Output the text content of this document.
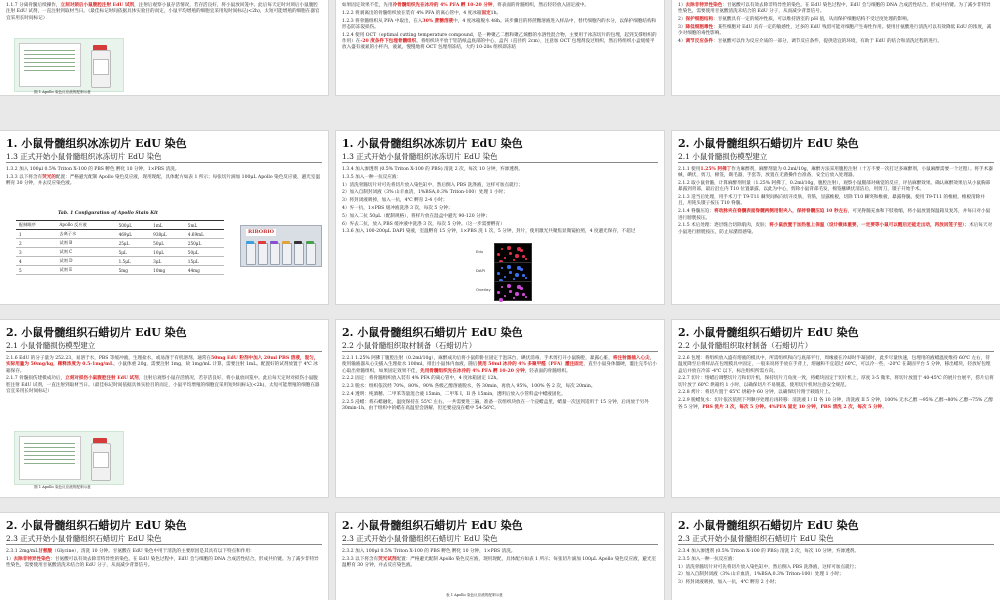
1.1.7 分离骨髓后续操作，立刻对颈后小鼠腹腔注射 EdU 试剂，注射后观察小鼠存活情况，若存活良好，将小鼠放回笼中。此后每天定时对颈后小鼠腹腔注射 EdU 试剂，一直注射到取材当日。（最佳标记时间依据具体实验目的而定，小鼠平均增殖的细胞宜采用短时间标记(<2h)，太短可能增殖的细胞在器官宜采用长时间标记）

图 1 Apollo 染色反应液的配制示意

如果固定效果不佳，先用冷骨髓组织先在冰冷的 4% PFA 孵 10-20 分钟，将表面的骨髓组织，然后轻轻放入固定液中。

1.2.2 将剥离出的骨髓组织放在装有 4% PFA 的离心管中，4 度冰箱固定1h。

1.2.3 将骨髓组织从 PFA 中取出，在入30% 蔗糖溶液中，4 度冰箱脱水 48h。该步骤目的将蔗糖溶液进入样品中，替代细胞内的水分，以保护细胞结构和形态防冻裂损伤。

1.2.4 使用 OCT（optimal cutting temperature compound，是一种聚乙二醇和聚乙烯醇的水溶性混合物，主要用于冰冻切片的包埋，起到支撑组织的作用）在-20 度条件下包埋骨髓组织。将组织块平放于铝箔纸盒底部的中心，盒内（直径约 2cm），注意加 OCT 包埋剂没过组织，然后将组织小盒缓缓平放入盛有液氮的小杯内，液氮，慢慢地将 OCT 包埋剂冻结，大约 10-20s 组织即冻结

1）去除非特异性染色：甘氨酸可以有效去除非特异性的染色。在 EdU 染色过程中，EdU 会与细胞的 DNA 合成活性结合，形成共价键。为了减少非特异性染色，需要使用甘氨酸清洗未结合的 EdU 分子，从而减少背景信号。

2）保护细胞结构：甘氨酸具有一定的缓冲性质，可以维持溶室的 pH 值，从而保护细胞结构不受过度处理的影响。

3）降低细胞毒性：某些细胞对 EdU 具有一定的敏感性，过多的 EdU 残留可能对细胞产生毒性作用。使用甘氨酸进行清洗可以有效降低 EdU 的浓度，减少对细胞的毒性影响。

4）调节反应条件：甘氨酸可以作为反应介质的一部分，调节反应条件，提供适宜的环境，有助于 EdU 的结合和清洗过程的进行。

1. 小鼠骨髓组织冰冻切片 EdU 染色
1.3 正式开始小鼠骨髓组织冰冻切片 EdU 染色

1.3.2 加入 100μl 0.5% Triton X-100 的 PBS 孵色 孵化 10 分钟，1×PBS 清洗。

1.3.3 以下将含有荧光的配置：严格避光配制 Apollo 染色反应液，现用现配，具体配方如表 1 所示；每张切片滴加 100μL Apollo 染色反应液，避光室温孵育 30 分钟，并去反应染色液。

Tab. 1 Configuration of Apollo Stain Kit
配制顺序	Apollo 反应液	500μL	1mL	5mL
1	去离子水	469μL	938μL	4.69mL
2	试剂 B	25μL	50μL	250μL
3	试剂 C	5μL	10μL	50μL
4	试剂 D	1.5μL	3μL	15μL
5	试剂 E	5mg	10mg	44mg
RIBOBIO
1. 小鼠骨髓组织冰冻切片 EdU 染色
1.3 正式开始小鼠骨髓组织冰冻切片 EdU 染色

1.3.4 加入渗透剂 (0.5% Triton X-100 的 PBS) 清洗 2 次，每次 10 分钟，弃渗透剂。

1.3.5 加入一种一抗反应液：

1）清洗骨髓切片对可先将切片放入染色缸中，然后倒入 PBS 洗涤液，这样可加点就行；

2）加入自制封闭液（3% 山羊血清，1%BSA,0.3% Triton-100）处理 1 小时；

3）将封闭液吸掉，加入一抗，4℃ 孵育 2-4 小时；

4）弃一抗，1×PBS 缓冲液洗涤 3 次，每次 5 分钟；

5）加入二抗 50μL（配制规格），将样片放在湿盒中避光 90-120 分钟；

6）弃去二抗，放入 PBS 缓冲液中洗涤 3 次，每次 5 分钟。（这一步需要孵育）

1.3.6 加入 100-200μL DAPI 染液，室温孵育 15 分钟，1×PBS 洗 1 次，5 分钟，封片，使用激光共聚焦显微镜拍照，4 度避光保存，不超过

Edu
DAPI
Overlay
2. 小鼠骨髓组织石蜡切片 EdU 染色
2.1 小鼠骨髓损伤模型建立

2.1.1 使用1.25% 阿佛丁作为麻醉剂，麻醉剂量为 0.2ml/10g，麻醉方法采用腹腔注射（十万不要一次打过多麻醉剂，小鼠麻醉需要一个过程）。将手术器械，碘伏，剪刀，棉签，剃毛器，手套等，放置在无菌操作台准备，安全后放入处理器。

2.1.2 取小鼠骨髓，计算麻醉剂用量（1.25% 阿佛丁，0.2ml/10g，腹腔注射），观察小鼠腿部对痛觉的反应，评估麻醉效果。确认麻醉效果后从小鼠胸部暴露到背部，最后沿左内 T10 位置暴露，以此为中心，剪除小鼠背部毛发，棉签蘸碘伏清洁后，用剪刀，镊子开始手术。

2.1.3 适当后处理，用手术刀于 T9-T11 棘突间纵向切开皮肤，背筋，显露椎板，切除 T10 棘突和椎板，暴露脊髓。使用 T9-T11 的椎板，椎板清除并且，用钝头镊子按压 T10 脊髓。

2.1.4 脊髓压迫：将动脉夹在脊髓表面脊髓两侧用钳夹入，保持脊髓压迫 10 秒左右，可见脊髓充血和下肢收缩，将小鼠放置保温箱及复苏，并每日对小鼠进行膀胱按压。

2.1.5 术后处理：逐层缝合切除肌肉，皮肤；将小鼠放置于加热毯上保温（设计微体重要，一定要等小鼠可以醒后还能走出动，再放回笼子里）；术后每天对小鼠进行膀胱按压，防止尿潴留感染。

2. 小鼠骨髓组织石蜡切片 EdU 染色
2.1 小鼠骨髓损伤模型建立

2.1.6 EdU 的分子量为 252.23，易溶于水，PBS 等缓冲液，生理盐水，或易溶于有机溶剂。通常在50mg EdU 粉剂中加入 20ml PBS 溶液，混匀，实际用量为 50mg/kg，稀释浓度为 0.5-1mg/mL，小鼠体重 20g，需要注射 1mg，故 1mg/mL 计算，需要注射 1mL。配置好的试剂放置于 4℃ 冰箱保存。

2.1.7 骨髓损伤建模成功后，立刻对损伤小鼠腹腔注射 EdU 试剂，注射后观察小鼠存活情况，若存活良好，将小鼠放回笼中。此后每天定时对损伤小鼠腹腔注射 EdU 试剂，一直注射到取材当日。（最佳标记时间依据具体实验目的而定，小鼠平均增殖的细胞宜采用短时间标记(<2h)，太短可能增殖的细胞在器官宜采用长时间标记）

图 1 Apollo 染色反应液的配制示意
2. 小鼠骨髓组织石蜡切片 EdU 染色
2.2 小鼠骨髓组织取材制备（石蜡切片）

2.2.1 1.25% 阿佛丁腹腔注射（0.2ml/10g），麻醉成功后将小鼠仰卧位固定于泡沫台，碘伏消毒，手术剪打开小鼠胸腔，暴露心脏，将注射器插入心尖，使用输液器从心尖插入生理盐水 100ml，排出小鼠体内血液，随后使用 50ml 冰冷的 4% 多聚甲醛（PFA）灌注固定，直至小鼠身体僵硬，灌注完毕后小心取出骨髓组织，如果固定效果不佳，先用骨髓组织先在冰冷的 4% PFA 孵 10-20 分钟，轻表面的骨髓组织。

2.2.2 固定：将骨髓组织放入装有 4% PFA 的离心管中，4 度冰箱固定 12h。

2.2.3 脱水：组织依次经 70%，80%，90% 各级乙醇溶液脱水，各 30min，再放入 95%，100% 各 2 次，每次 20min。

2.2.4 透明：纯酒精、二甲苯等量混合液 15min，二甲苯 I，II 各 15min，透明后放入小管料盒中蜡液固化。

2.2.5 浸蜡：将石蜡融化，温度保持在 55℃ 左右。一共需要进三遍，准备一次组织块放在一个浸蜡盒里，蜡量一次送到适用于 15 分钟，后再放于另外 30min-1h，由于组织中的蜡在高温里会溶解，但还要浸没在蜡中 54-56℃。

2. 小鼠骨髓组织石蜡切片 EdU 染色
2.2 小鼠骨髓组织取材制备（石蜡切片）

2.2.6 包埋：将组织放入盛有熔液的模具中，所需组织和向与底部平行，周缘液在冷却时半凝固时，此步尽量快速，包埋用的液蜡温度维持 60℃ 左右，待温度降至后将样品在包埋模具中固定，一般来说将手放在手背上，熔融和不宜超过 60℃，可以冷一些，-20℃ 在凝固平台 5 分钟，移出蜡块，轻放好包埋盒后并放在冷冻 -4℃ 以下，标注组织所需方向。

2.2.7 切片：熔蜡后调整切片刀和切片机，保持切片刀角度一致，将蜡块固定于切片机上，厚度 3-5 微米，将切片放置于 40-45℃ 的展片台展平，捞片后将切片放于 60℃ 烘箱约 1 小时，以确保切片不易脱落，使用切片机时注意安全规范。

2.2.8 烤片：将切片置于 65℃ 烘箱中 60 分钟，以确保切片附于载玻片上。

2.2.9 脱蜡复水：切片依次依照下列顺序处理后再转移：清洗液 I / II 各 10 分钟，清洗液 II 5 分钟，100% 无水乙醇 →95% 乙醇→80% 乙醇→75% 乙醇各 5 分钟，PBS 洗片 3 次，每次 5 分钟。4%PFA 固定 10 分钟，PBS 清洗 2 次，每次 5 分钟。

2. 小鼠骨髓组织石蜡切片 EdU 染色
2.3 正式开始小鼠骨髓组织石蜡切片 EdU 染色

2.3.1 2mg/mL甘氨酸（Glycine），清洗 10 分钟。甘氨酸在 EdU 染色中用于清洗的主要原因是其具有以下特点和作用：

1）去除非特异性染色：甘氨酸可以有效去除非特异性的染色。在 EdU 染色过程中，EdU 会与细胞的 DNA 合成活性结合，形成共价键。为了减少非特异性染色，需要使用甘氨酸清洗未结合的 EdU 分子，从而减少背景信号。

2. 小鼠骨髓组织石蜡切片 EdU 染色
2.3 正式开始小鼠骨髓组织石蜡切片 EdU 染色

2.3.2 加入 100μl 0.5% Triton X-100 的 PBS 孵色 孵化 10 分钟，1×PBS 清洗。

2.3.3 以下将含有荧光试剂配置：严格避光配制 Apollo 染色反应液，现用现配，具体配方如表 1 所示；每张切片滴加 100μL Apollo 染色反应液，避光室温孵育 30 分钟，并去反应染色液。

表 1 Apollo 染色反应液的配制示意
2. 小鼠骨髓组织石蜡切片 EdU 染色
2.3 正式开始小鼠骨髓组织石蜡切片 EdU 染色

2.3.4 加入渗透剂 (0.5% Triton X-100 的 PBS) 清洗 2 次，每次 10 分钟，弃渗透剂。

2.3.5 加入一种一抗反应液：

1）清洗骨髓切片对可先将切片放入染色缸中，然后倒入 PBS 洗涤液，这样可加点就行；

2）加入自制封闭液（3% 山羊血清，1%BSA,0.3% Triton-100）处理 1 小时；

3）将封闭液吸掉，加入一抗，4℃ 孵育 2 小时；
